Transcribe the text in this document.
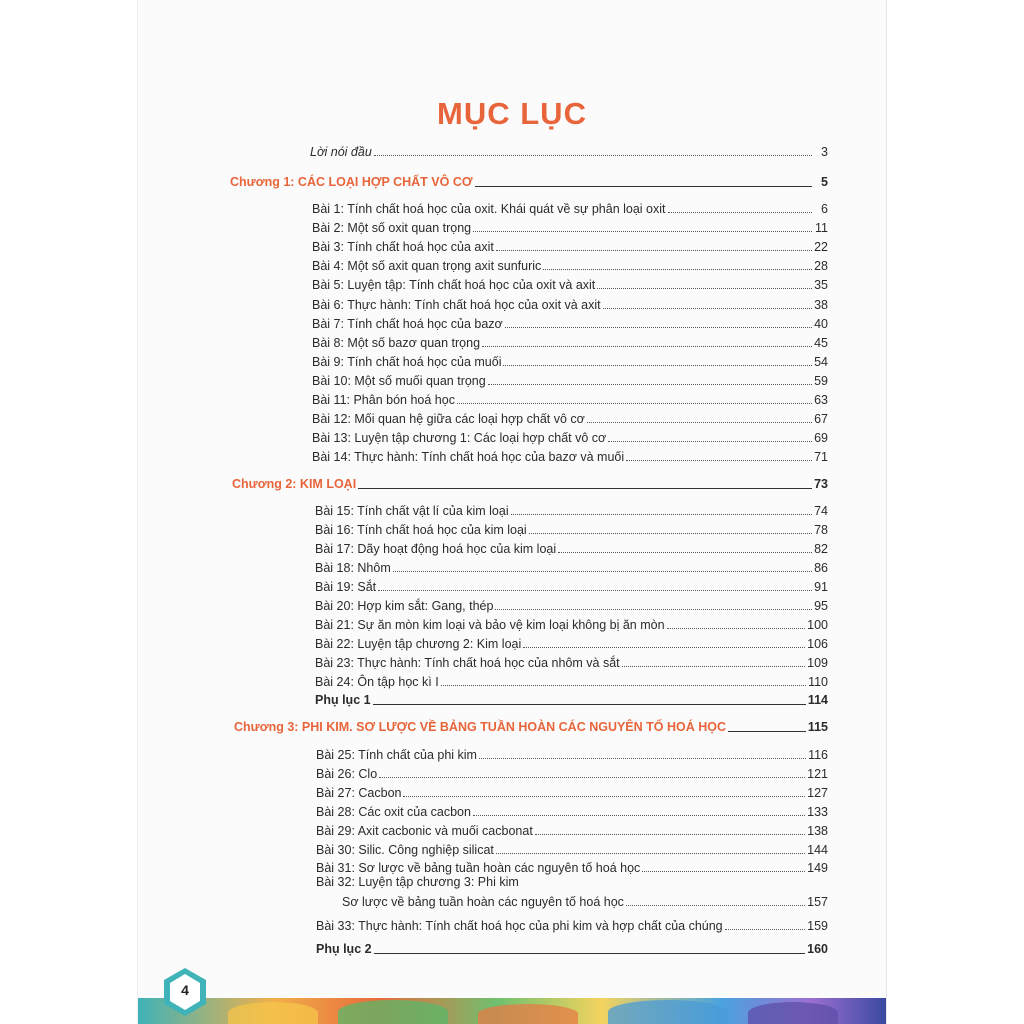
MỤC LỤC
Lời nói đầu	3
Chương 1: CÁC LOẠI HỢP CHẤT VÔ CƠ	5
Bài 1: Tính chất hoá học của oxit. Khái quát về sự phân loại oxit	6
Bài 2: Một số oxit quan trọng	11
Bài 3: Tính chất hoá học của axit	22
Bài 4: Một số axit quan trọng axit sunfuric	28
Bài 5: Luyện tập: Tính chất hoá học của oxit và axit	35
Bài 6: Thực hành: Tính chất hoá học của oxit và axit	38
Bài 7: Tính chất hoá học của bazơ	40
Bài 8: Một số bazơ quan trọng	45
Bài 9: Tính chất hoá học của muối	54
Bài 10: Một số muối quan trọng	59
Bài 11: Phân bón hoá học	63
Bài 12: Mối quan hệ giữa các loại hợp chất vô cơ	67
Bài 13: Luyện tập chương 1: Các loại hợp chất vô cơ	69
Bài 14: Thực hành: Tính chất hoá học của bazơ và muối	71
Chương 2: KIM LOẠI	73
Bài 15: Tính chất vật lí của kim loại	74
Bài 16: Tính chất hoá học của kim loại	78
Bài 17: Dãy hoạt động hoá học của kim loại	82
Bài 18: Nhôm	86
Bài 19: Sắt	91
Bài 20: Hợp kim sắt: Gang, thép	95
Bài 21: Sự ăn mòn kim loại và bảo vệ kim loại không bị ăn mòn	100
Bài 22: Luyện tập chương 2: Kim loại	106
Bài 23: Thực hành: Tính chất hoá học của nhôm và sắt	109
Bài 24: Ôn tập học kì I	110
Phụ lục 1	114
Chương 3: PHI KIM. SƠ LƯỢC VỀ BẢNG TUẦN HOÀN CÁC NGUYÊN TỐ HOÁ HỌC	115
Bài 25: Tính chất của phi kim	116
Bài 26: Clo	121
Bài 27: Cacbon	127
Bài 28: Các oxit của cacbon	133
Bài 29: Axit cacbonic và muối cacbonat	138
Bài 30: Silic. Công nghiệp silicat	144
Bài 31: Sơ lược về bảng tuần hoàn các nguyên tố hoá học	149
Bài 32: Luyện tập chương 3: Phi kim
Sơ lược về bảng tuần hoàn các nguyên tố hoá học	157
Bài 33: Thực hành: Tính chất hoá học của phi kim và hợp chất của chúng	159
Phụ lục 2	160
4
